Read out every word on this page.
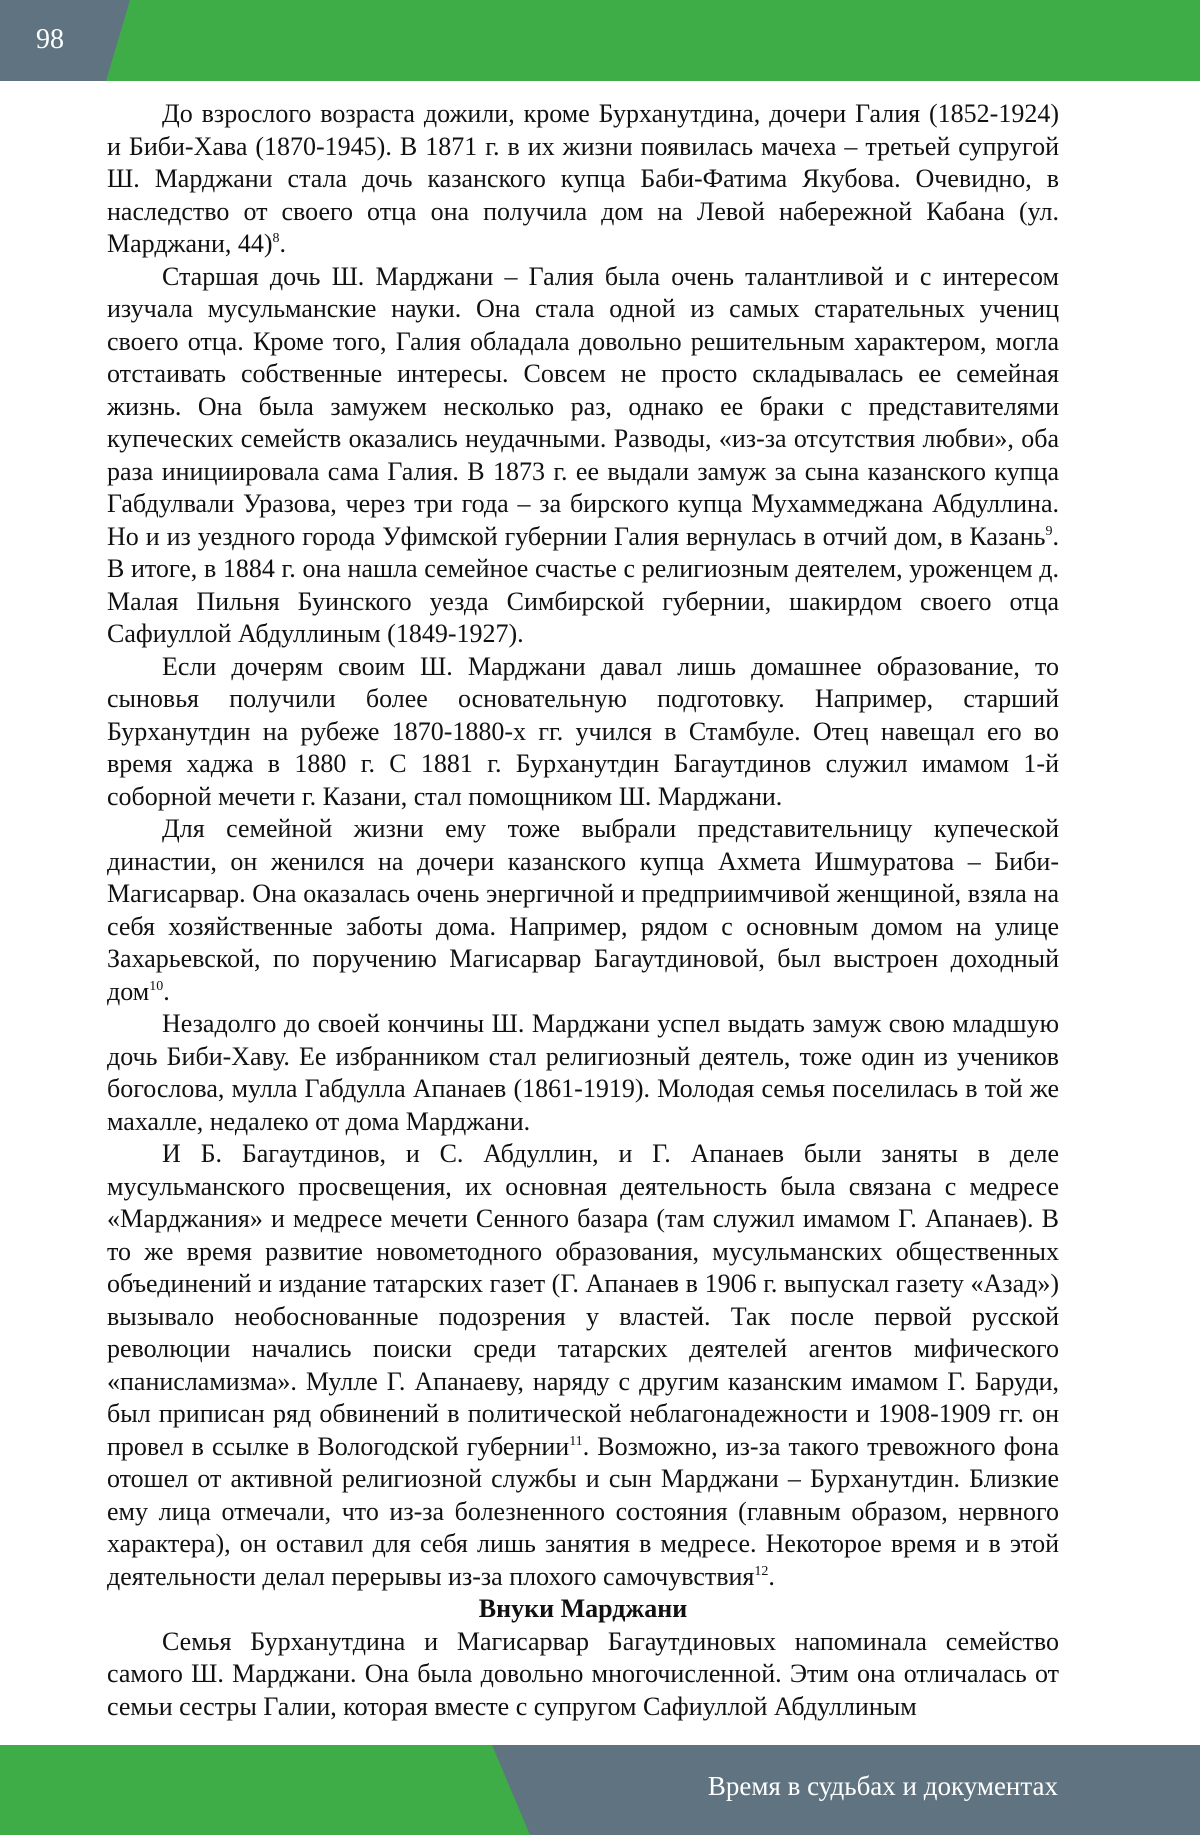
98

До взрослого возраста дожили, кроме Бурханутдина, дочери Галия (1852-1924) и Биби-Хава (1870-1945). В 1871 г. в их жизни появилась мачеха – третьей супругой Ш. Марджани стала дочь казанского купца Баби-Фатима Якубова. Очевидно, в наследство от своего отца она получила дом на Левой набережной Кабана (ул. Марджани, 44)$^8$.

Старшая дочь Ш. Марджани – Галия была очень талантливой и с интересом изучала мусульманские науки. Она стала одной из самых старательных учениц своего отца. Кроме того, Галия обладала довольно решительным характером, могла отстаивать собственные интересы. Совсем не просто складывалась ее семейная жизнь. Она была замужем несколько раз, однако ее браки с представителями купеческих семейств оказались неудачными. Разводы, «из-за отсутствия любви», оба раза инициировала сама Галия. В 1873 г. ее выдали замуж за сына казанского купца Габдулвали Уразова, через три года – за бирского купца Мухаммеджана Абдуллина. Но и из уездного города Уфимской губернии Галия вернулась в отчий дом, в Казань$^9$. В итоге, в 1884 г. она нашла семейное счастье с религиозным деятелем, уроженцем д. Малая Пильня Буинского уезда Симбирской губернии, шакирдом своего отца Сафиуллой Абдуллиным (1849-1927).

Если дочерям своим Ш. Марджани давал лишь домашнее образование, то сыновья получили более основательную подготовку. Например, старший Бурханутдин на рубеже 1870-1880-х гг. учился в Стамбуле. Отец навещал его во время хаджа в 1880 г. С 1881 г. Бурханутдин Багаутдинов служил имамом 1-й соборной мечети г. Казани, стал помощником Ш. Марджани.

Для семейной жизни ему тоже выбрали представительницу купеческой династии, он женился на дочери казанского купца Ахмета Ишмуратова – Биби-Магисарвар. Она оказалась очень энергичной и предприимчивой женщиной, взяла на себя хозяйственные заботы дома. Например, рядом с основным домом на улице Захарьевской, по поручению Магисарвар Багаутдиновой, был выстроен доходный дом$^{10}$.

Незадолго до своей кончины Ш. Марджани успел выдать замуж свою младшую дочь Биби-Хаву. Ее избранником стал религиозный деятель, тоже один из учеников богослова, мулла Габдулла Апанаев (1861-1919). Молодая семья поселилась в той же махалле, недалеко от дома Марджани.

И Б. Багаутдинов, и С. Абдуллин, и Г. Апанаев были заняты в деле мусульманского просвещения, их основная деятельность была связана с медресе «Марджания» и медресе мечети Сенного базара (там служил имамом Г. Апанаев). В то же время развитие новометодного образования, мусульманских общественных объединений и издание татарских газет (Г. Апанаев в 1906 г. выпускал газету «Азад») вызывало необоснованные подозрения у властей. Так после первой русской революции начались поиски среди татарских деятелей агентов мифического «панисламизма». Мулле Г. Апанаеву, наряду с другим казанским имамом Г. Баруди, был приписан ряд обвинений в политической неблагонадежности и 1908-1909 гг. он провел в ссылке в Вологодской губернии$^{11}$. Возможно, из-за такого тревожного фона отошел от активной религиозной службы и сын Марджани – Бурханутдин. Близкие ему лица отмечали, что из-за болезненного состояния (главным образом, нервного характера), он оставил для себя лишь занятия в медресе. Некоторое время и в этой деятельности делал перерывы из-за плохого самочувствия$^{12}$.

Внуки Марджани

Семья Бурханутдина и Магисарвар Багаутдиновых напоминала семейство самого Ш. Марджани. Она была довольно многочисленной. Этим она отличалась от семьи сестры Галии, которая вместе с супругом Сафиуллой Абдуллиным

Время в судьбах и документах
